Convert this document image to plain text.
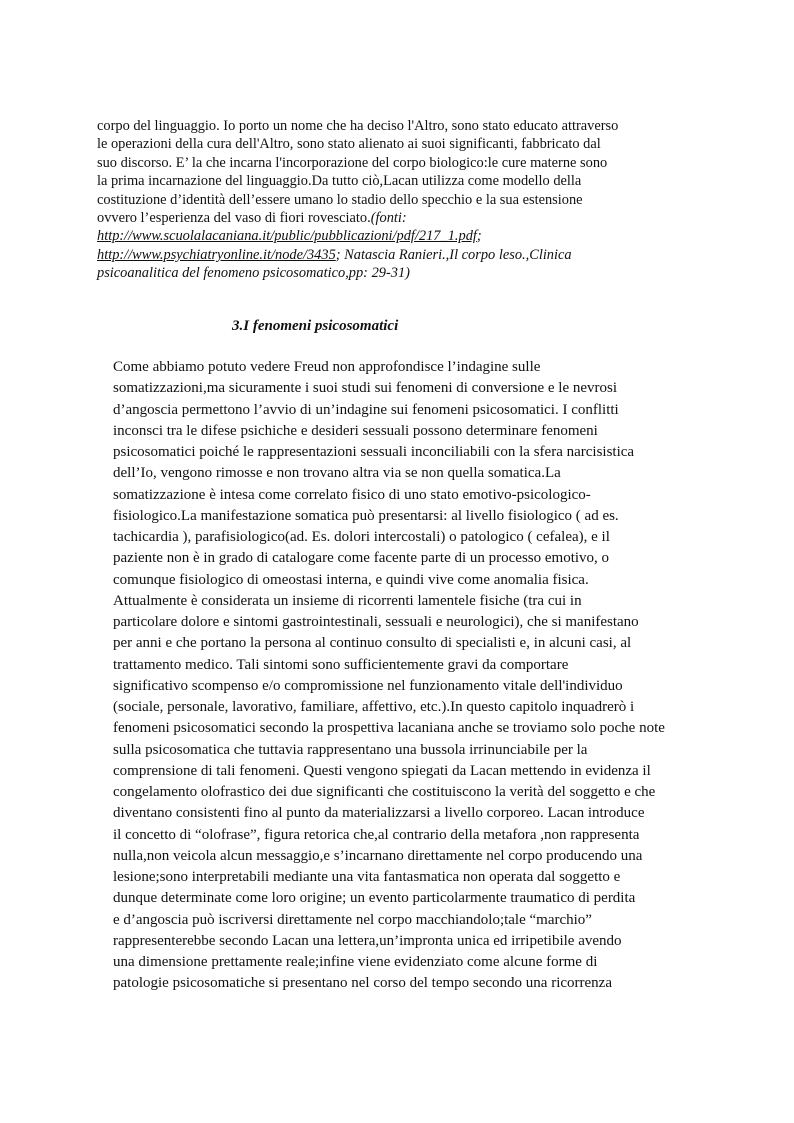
corpo del linguaggio. Io porto un nome che ha deciso l'Altro, sono stato educato attraverso
le operazioni della cura dell'Altro, sono stato alienato ai suoi significanti, fabbricato dal
suo discorso. E’ la che incarna l'incorporazione del corpo biologico:le cure materne sono
la prima incarnazione del linguaggio.Da tutto ciò,Lacan utilizza come modello della
costituzione d’identità dell’essere umano lo stadio dello specchio e la sua estensione
ovvero l’esperienza del vaso di fiori rovesciato.(fonti:
http://www.scuolalacaniana.it/public/pubblicazioni/pdf/217_1.pdf;
http://www.psychiatryonline.it/node/3435; Natascia Ranieri.,Il corpo leso.,Clinica
psicoanalitica del fenomeno psicosomatico,pp: 29-31)
3.I fenomeni psicosomatici
Come abbiamo potuto vedere Freud non approfondisce l’indagine sulle
somatizzazioni,ma sicuramente i suoi studi sui fenomeni di conversione e le nevrosi
d’angoscia permettono l’avvio di un’indagine sui fenomeni psicosomatici. I conflitti
inconsci tra le difese psichiche e desideri sessuali possono determinare fenomeni
psicosomatici poiché le rappresentazioni sessuali inconciliabili con la sfera narcisistica
dell’Io, vengono rimosse e non trovano altra via se non quella somatica.La
somatizzazione è intesa come correlato fisico di uno stato emotivo-psicologico-
fisiologico.La manifestazione somatica può presentarsi: al livello fisiologico ( ad es.
tachicardia ), parafisiologico(ad. Es. dolori intercostali) o patologico ( cefalea), e il
paziente non è in grado di catalogare come facente parte di un processo emotivo, o
comunque fisiologico di omeostasi interna, e quindi vive come anomalia fisica.
Attualmente è considerata un insieme di ricorrenti lamentele fisiche (tra cui in
particolare dolore e sintomi gastrointestinali, sessuali e neurologici), che si manifestano
per anni e che portano la persona al continuo consulto di specialisti e, in alcuni casi, al
trattamento medico. Tali sintomi sono sufficientemente gravi da comportare
significativo scompenso e/o compromissione nel funzionamento vitale dell'individuo
(sociale, personale, lavorativo, familiare, affettivo, etc.).In questo capitolo inquadrerò i
fenomeni psicosomatici secondo la prospettiva lacaniana anche se troviamo solo poche note
sulla psicosomatica che tuttavia rappresentano una bussola irrinunciabile per la
comprensione di tali fenomeni. Questi vengono spiegati da Lacan mettendo in evidenza il
congelamento olofrastico dei due significanti che costituiscono la verità del soggetto e che
diventano consistenti fino al punto da materializzarsi a livello corporeo. Lacan introduce
il concetto di “olofrase”, figura retorica che,al contrario della metafora ,non rappresenta
nulla,non veicola alcun messaggio,e s’incarnano direttamente nel corpo producendo una
lesione;sono interpretabili mediante una vita fantasmatica non operata dal soggetto e
dunque determinate come loro origine; un evento particolarmente traumatico di perdita
e d’angoscia può iscriversi direttamente nel corpo macchiandolo;tale “marchio”
rappresenterebbe secondo Lacan una lettera,un’impronta unica ed irripetibile avendo
una dimensione prettamente reale;infine viene evidenziato come alcune forme di
patologie psicosomatiche si presentano nel corso del tempo secondo una ricorrenza
